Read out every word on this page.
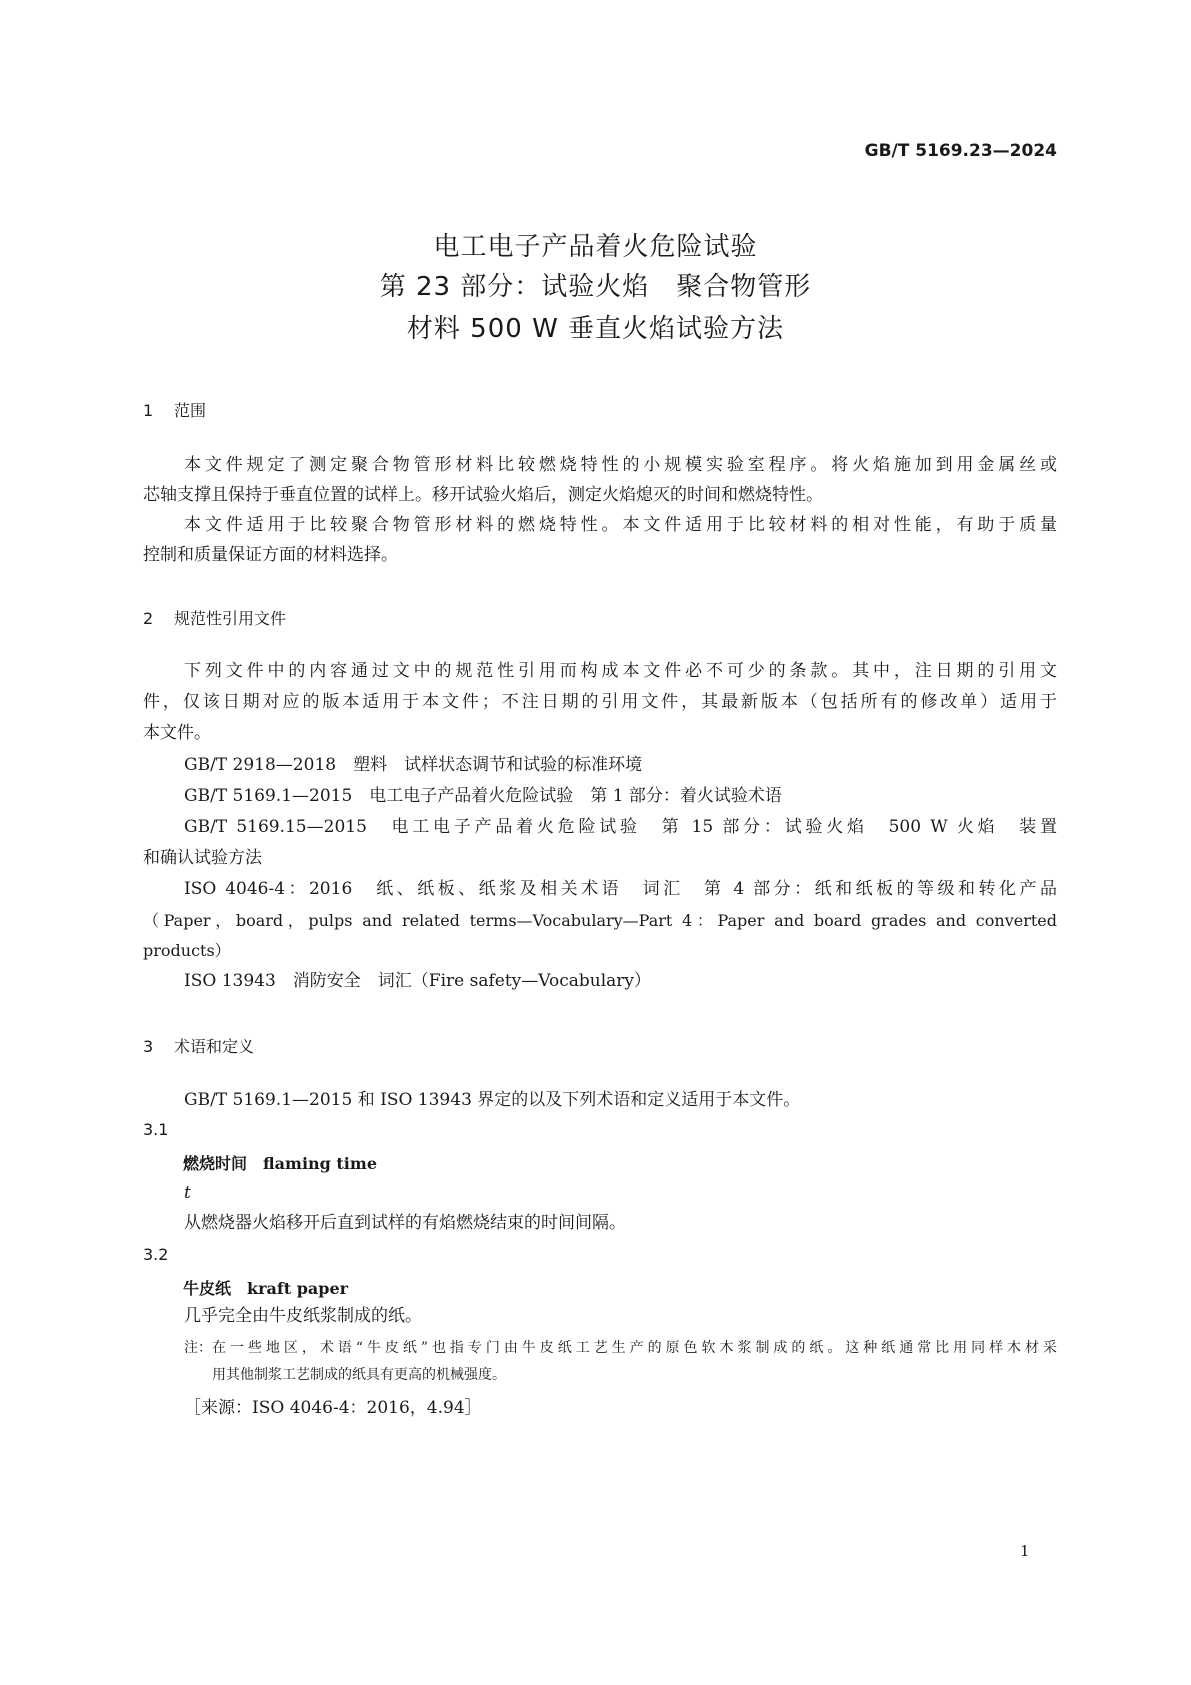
GB/T 5169.23—2024
电工电子产品着火危险试验
第 23 部分：试验火焰　聚合物管形
材料 500 W 垂直火焰试验方法
1 范围
本文件规定了测定聚合物管形材料比较燃烧特性的小规模实验室程序。将火焰施加到用金属丝或
芯轴支撑且保持于垂直位置的试样上。移开试验火焰后，测定火焰熄灭的时间和燃烧特性。
本文件适用于比较聚合物管形材料的燃烧特性。本文件适用于比较材料的相对性能，有助于质量
控制和质量保证方面的材料选择。
2 规范性引用文件
下列文件中的内容通过文中的规范性引用而构成本文件必不可少的条款。其中，注日期的引用文
件，仅该日期对应的版本适用于本文件；不注日期的引用文件，其最新版本（包括所有的修改单）适用于
本文件。
GB/T 2918—2018　塑料　试样状态调节和试验的标准环境
GB/T 5169.1—2015　电工电子产品着火危险试验　第 1 部分：着火试验术语
GB/T 5169.15—2015　电工电子产品着火危险试验　第 15 部分：试验火焰　500 W 火焰　装置
和确认试验方法
ISO 4046-4：2016　纸、纸板、纸浆及相关术语　词汇　第 4 部分：纸和纸板的等级和转化产品
（Paper，board，pulps and related terms—Vocabulary—Part 4：Paper and board grades and converted
products）
ISO 13943　消防安全　词汇（Fire safety—Vocabulary）
3 术语和定义
GB/T 5169.1—2015 和 ISO 13943 界定的以及下列术语和定义适用于本文件。
3.1
燃烧时间 flaming time
t
从燃烧器火焰移开后直到试样的有焰燃烧结束的时间间隔。
3.2
牛皮纸 kraft paper
几乎完全由牛皮纸浆制成的纸。
注： 在一些地区，术语“牛皮纸”也指专门由牛皮纸工艺生产的原色软木浆制成的纸。这种纸通常比用同样木材采
用其他制浆工艺制成的纸具有更高的机械强度。
［来源：ISO 4046-4：2016，4.94］
1
